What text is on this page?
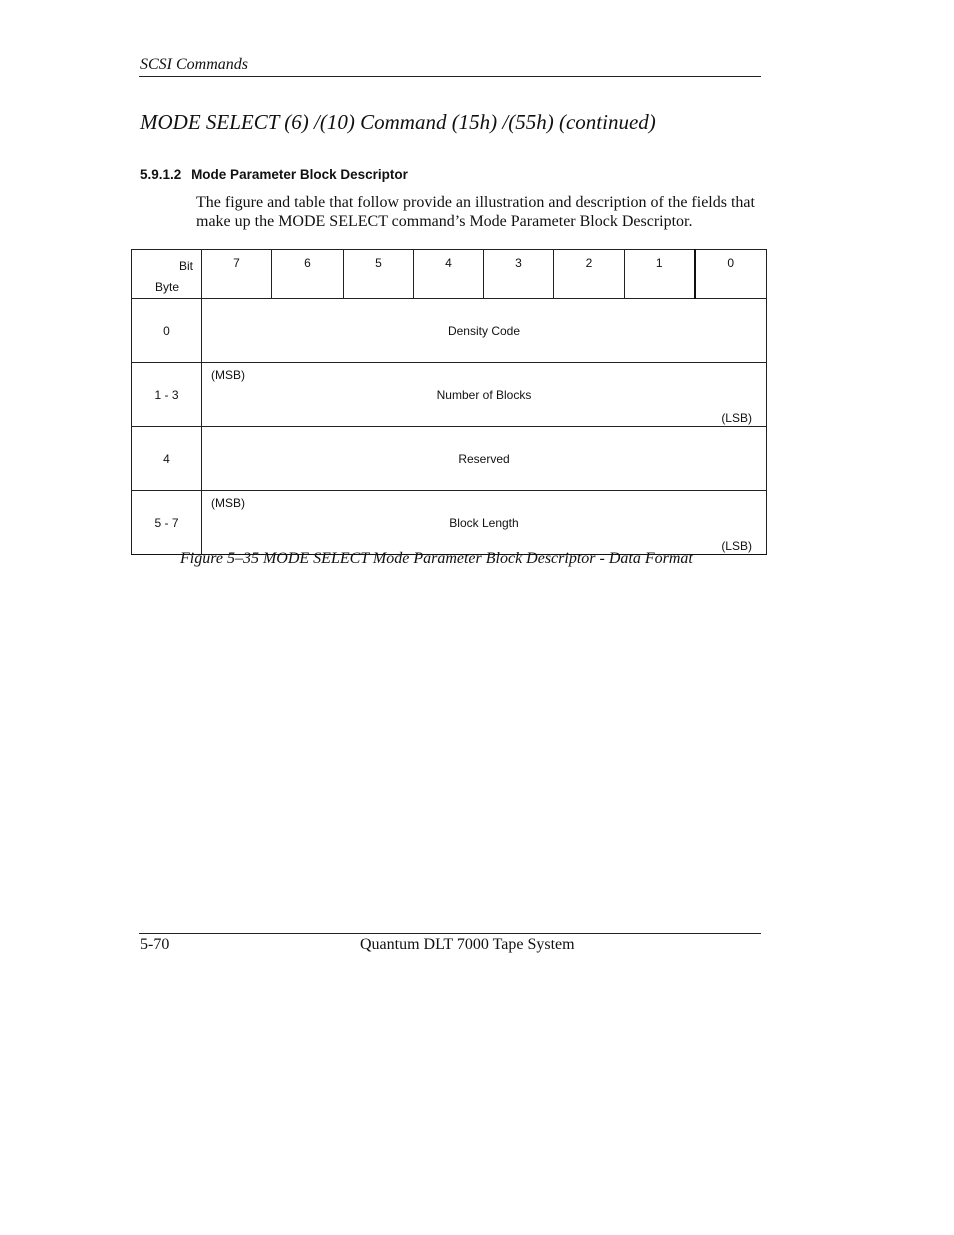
SCSI Commands
MODE SELECT (6) /(10) Command (15h) /(55h) (continued)
5.9.1.2 Mode Parameter Block Descriptor
The figure and table that follow provide an illustration and description of the fields that make up the MODE SELECT command’s Mode Parameter Block Descriptor.
Bit
Byte	7	6	5	4	3	2	1	0
0	Density Code							

1 - 3	(MSB)
Number of Blocks
(LSB)							

4	Reserved							

5 - 7	(MSB)
Block Length
(LSB)							
Figure 5–35 MODE SELECT Mode Parameter Block Descriptor - Data Format
5-70	Quantum DLT 7000 Tape System
